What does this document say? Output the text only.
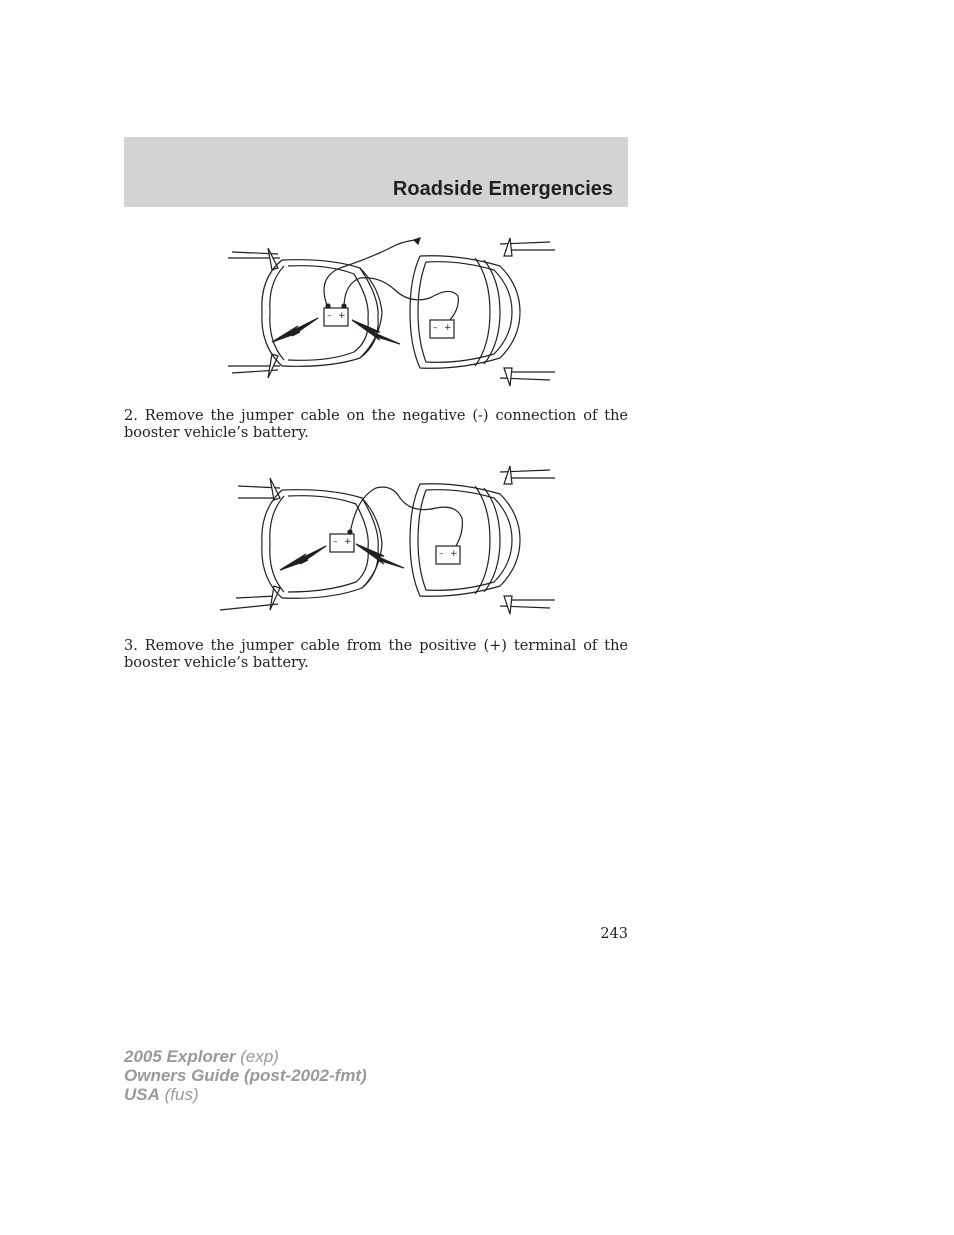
Roadside Emergencies
– +
– +
2. Remove the jumper cable on the negative (-) connection of the booster vehicle’s battery.
– +
– +
3. Remove the jumper cable from the positive (+) terminal of the booster vehicle’s battery.
243
2005 Explorer (exp)
Owners Guide (post-2002-fmt)
USA (fus)
